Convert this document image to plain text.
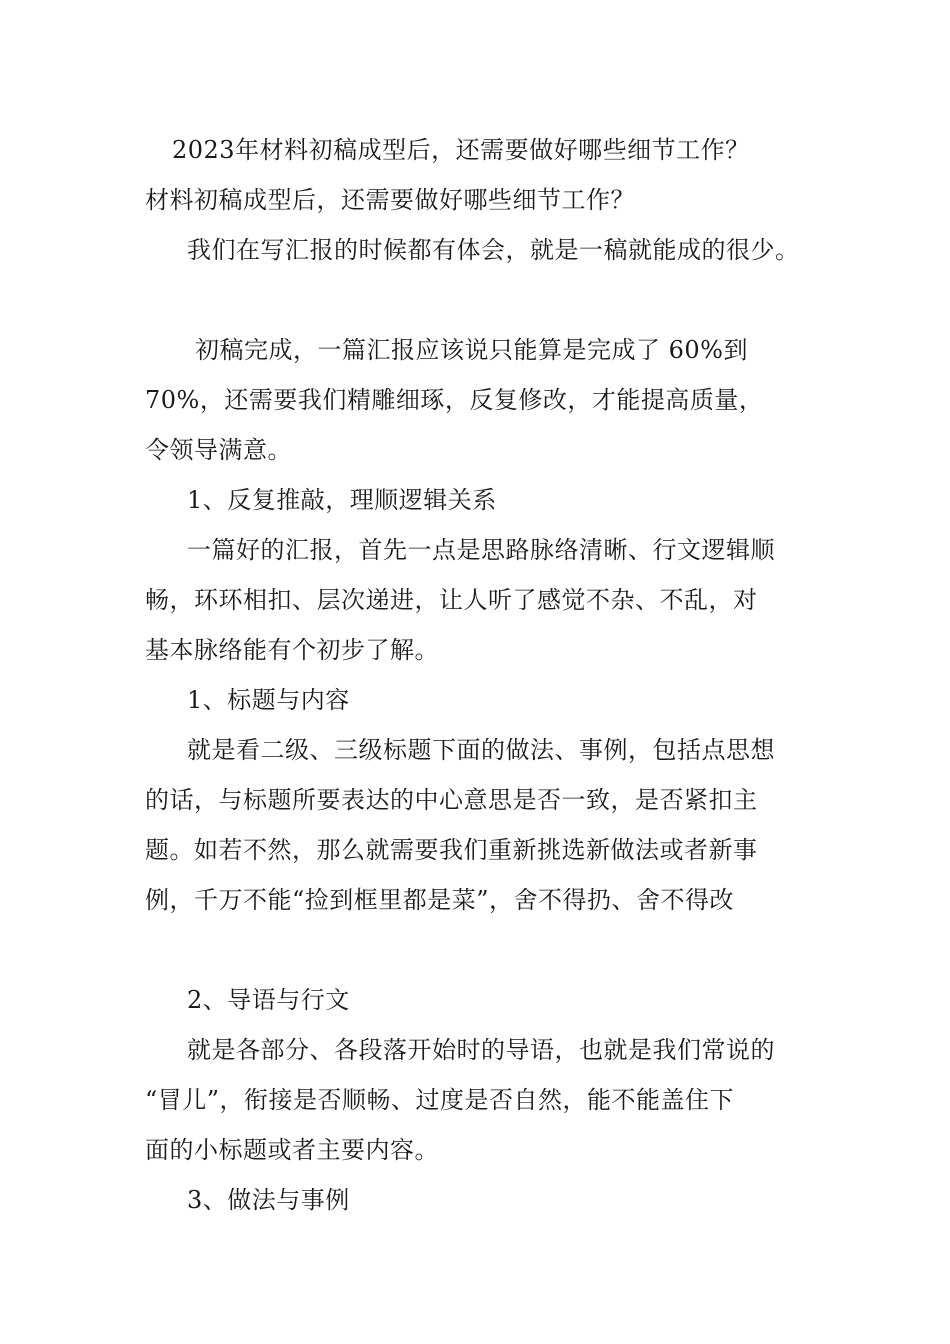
2023年材料初稿成型后，还需要做好哪些细节工作？
材料初稿成型后，还需要做好哪些细节工作？
我们在写汇报的时候都有体会，就是一稿就能成的很少。
初稿完成，一篇汇报应该说只能算是完成了 60%到
70%，还需要我们精雕细琢，反复修改，才能提高质量，
令领导满意。
1、反复推敲，理顺逻辑关系
一篇好的汇报，首先一点是思路脉络清晰、行文逻辑顺
畅，环环相扣、层次递进，让人听了感觉不杂、不乱，对
基本脉络能有个初步了解。
1、标题与内容
就是看二级、三级标题下面的做法、事例，包括点思想
的话，与标题所要表达的中心意思是否一致，是否紧扣主
题。如若不然，那么就需要我们重新挑选新做法或者新事
例，千万不能“捡到框里都是菜”，舍不得扔、舍不得改
2、导语与行文
就是各部分、各段落开始时的导语，也就是我们常说的
“冒儿”，衔接是否顺畅、过度是否自然，能不能盖住下
面的小标题或者主要内容。
3、做法与事例
